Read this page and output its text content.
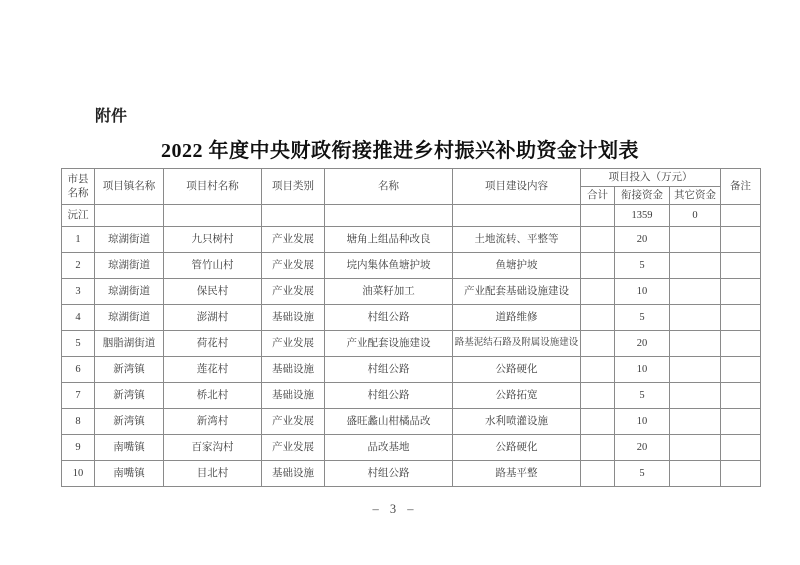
附件
2022 年度中央财政衔接推进乡村振兴补助资金计划表
市县名称	项目镇名称	项目村名称	项目类别	名称	项目建设内容	项目投入（万元）			备注
						合计	衔接资金	其它资金	
沅江							1359	0	
1	琼湖街道	九只树村	产业发展	塘角上组品种改良	土地流转、平整等		20		
2	琼湖街道	管竹山村	产业发展	垸内集体鱼塘护坡	鱼塘护坡		5		
3	琼湖街道	保民村	产业发展	油菜籽加工	产业配套基础设施建设		10		
4	琼湖街道	澎湖村	基础设施	村组公路	道路维修		5		
5	胭脂湖街道	荷花村	产业发展	产业配套设施建设	路基泥结石路及附属设施建设		20		
6	新湾镇	莲花村	基础设施	村组公路	公路硬化		10		
7	新湾镇	桥北村	基础设施	村组公路	公路拓宽		5		
8	新湾镇	新湾村	产业发展	盛旺蠡山柑橘品改	水利喷灌设施		10		
9	南嘴镇	百家沟村	产业发展	品改基地	公路硬化		20		
10	南嘴镇	目北村	基础设施	村组公路	路基平整		5		
– 3 –
